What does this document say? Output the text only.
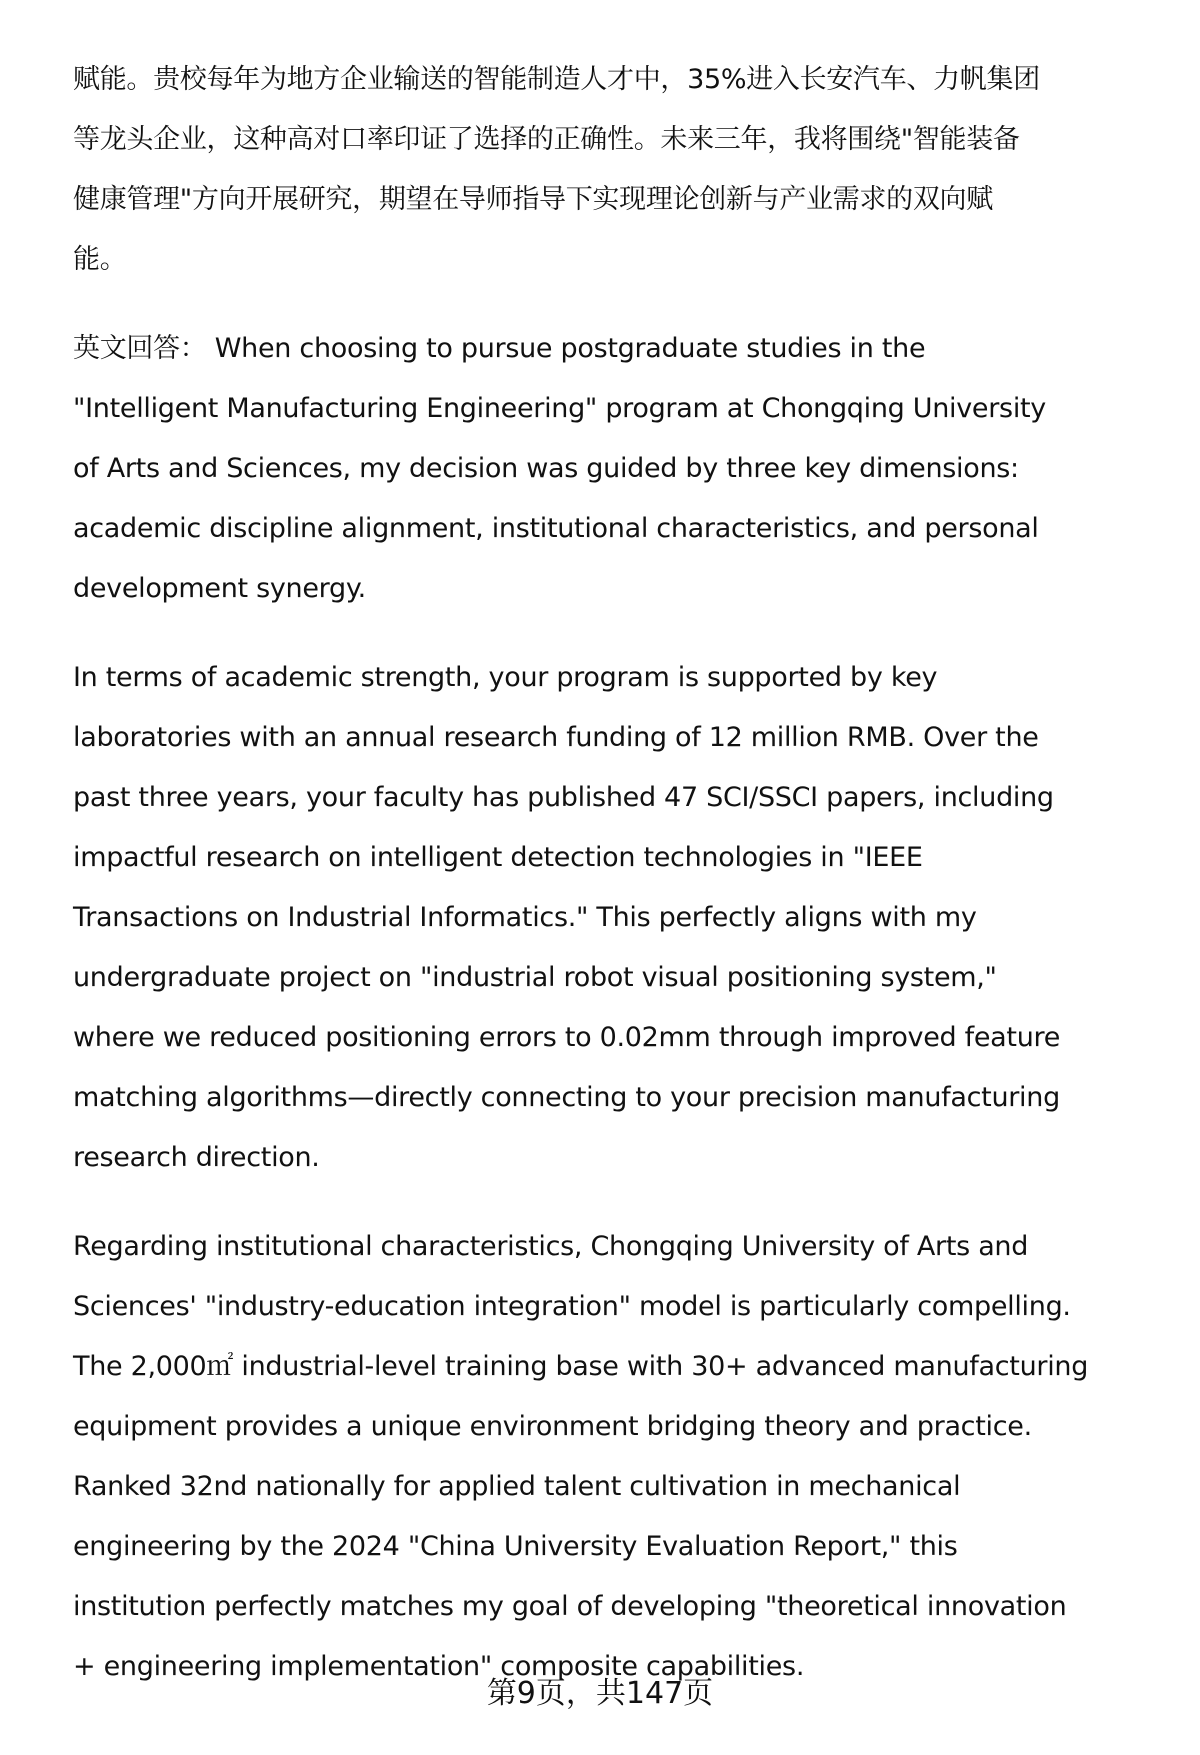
赋能。贵校每年为地方企业输送的智能制造人才中，35%进入长安汽车、力帆集团
等龙头企业，这种高对口率印证了选择的正确性。未来三年，我将围绕"智能装备
健康管理"方向开展研究，期望在导师指导下实现理论创新与产业需求的双向赋
能。
英文回答： When choosing to pursue postgraduate studies in the
"Intelligent Manufacturing Engineering" program at Chongqing University
of Arts and Sciences, my decision was guided by three key dimensions:
academic discipline alignment, institutional characteristics, and personal
development synergy.
In terms of academic strength, your program is supported by key
laboratories with an annual research funding of 12 million RMB. Over the
past three years, your faculty has published 47 SCI/SSCI papers, including
impactful research on intelligent detection technologies in "IEEE
Transactions on Industrial Informatics." This perfectly aligns with my
undergraduate project on "industrial robot visual positioning system,"
where we reduced positioning errors to 0.02mm through improved feature
matching algorithms—directly connecting to your precision manufacturing
research direction.
Regarding institutional characteristics, Chongqing University of Arts and
Sciences' "industry-education integration" model is particularly compelling.
The 2,000㎡ industrial-level training base with 30+ advanced manufacturing
equipment provides a unique environment bridging theory and practice.
Ranked 32nd nationally for applied talent cultivation in mechanical
engineering by the 2024 "China University Evaluation Report," this
institution perfectly matches my goal of developing "theoretical innovation
+ engineering implementation" composite capabilities.
第9页，共147页
